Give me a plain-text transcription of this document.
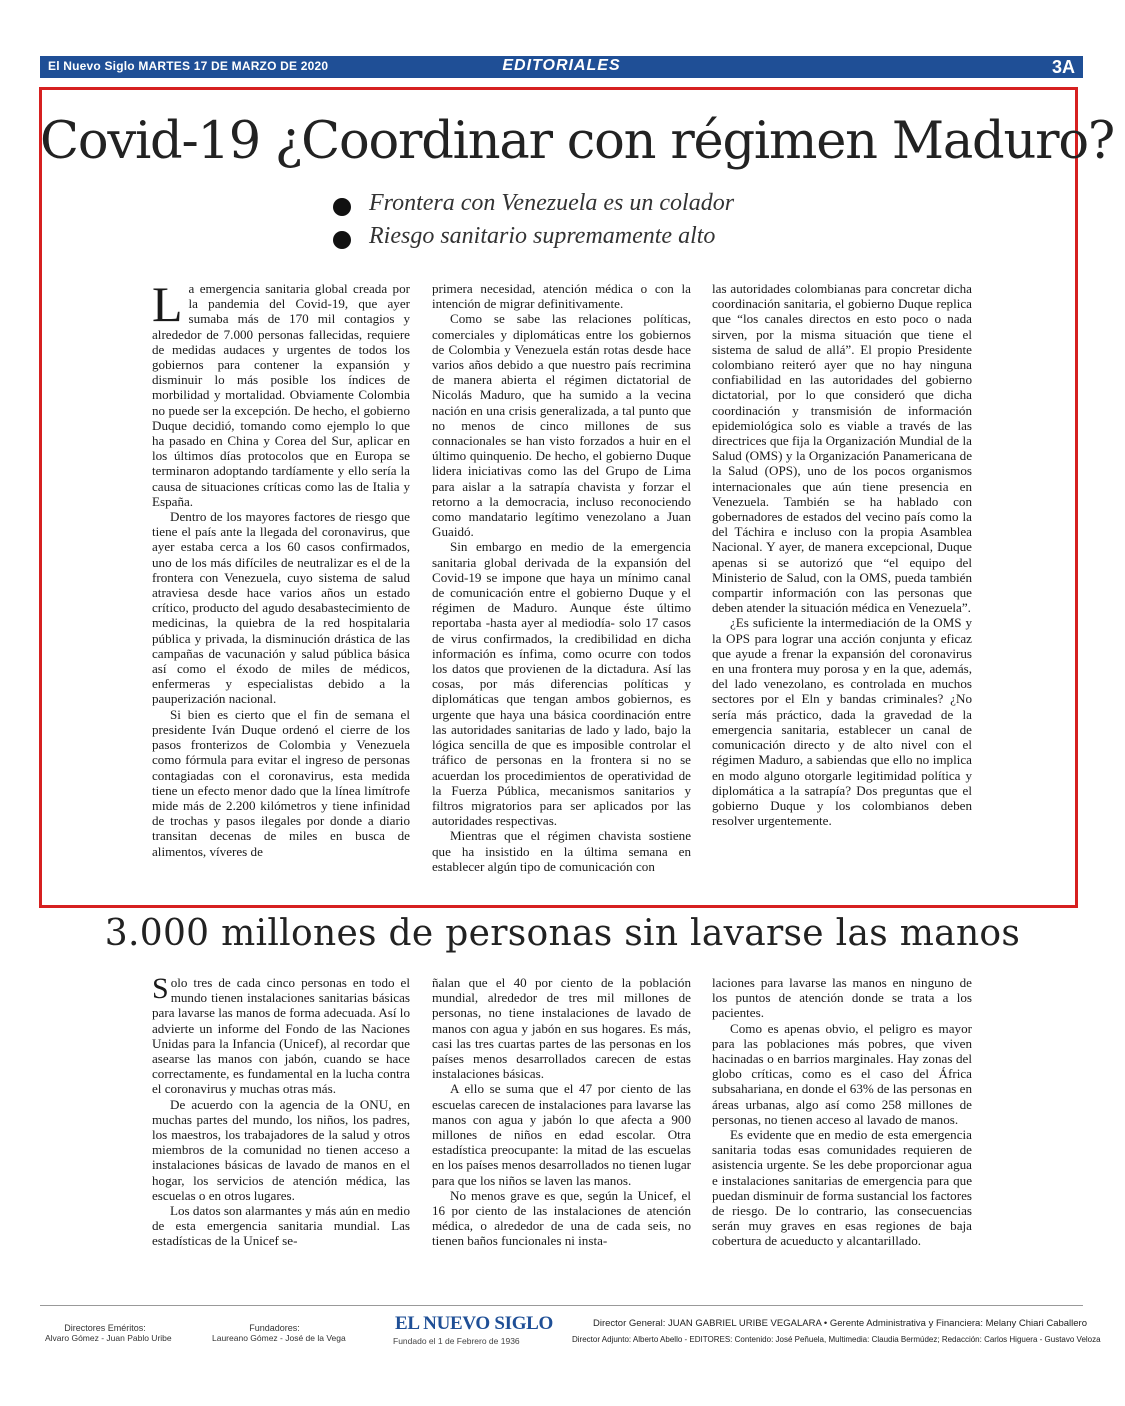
El Nuevo Siglo MARTES 17 DE MARZO DE 2020	EDITORIALES	3A
Covid-19 ¿Coordinar con régimen Maduro?
Frontera con Venezuela es un colador
Riesgo sanitario supremamente alto

La emergencia sanitaria global creada por la pandemia del Covid-19, que ayer sumaba más de 170 mil contagios y alrededor de 7.000 personas fallecidas, requiere de medidas audaces y urgentes de todos los gobiernos para contener la expansión y disminuir lo más posible los índices de morbilidad y mortalidad. Obviamente Colombia no puede ser la excepción. De hecho, el gobierno Duque decidió, tomando como ejemplo lo que ha pasado en China y Corea del Sur, aplicar en los últimos días protocolos que en Europa se terminaron adoptando tardíamente y ello sería la causa de situaciones críticas como las de Italia y España.

Dentro de los mayores factores de riesgo que tiene el país ante la llegada del coronavirus, que ayer estaba cerca a los 60 casos confirmados, uno de los más difíciles de neutralizar es el de la frontera con Venezuela, cuyo sistema de salud atraviesa desde hace varios años un estado crítico, producto del agudo desabastecimiento de medicinas, la quiebra de la red hospitalaria pública y privada, la disminución drástica de las campañas de vacunación y salud pública básica así como el éxodo de miles de médicos, enfermeras y especialistas debido a la pauperización nacional.

Si bien es cierto que el fin de semana el presidente Iván Duque ordenó el cierre de los pasos fronterizos de Colombia y Venezuela como fórmula para evitar el ingreso de personas contagiadas con el coronavirus, esta medida tiene un efecto menor dado que la línea limítrofe mide más de 2.200 kilómetros y tiene infinidad de trochas y pasos ilegales por donde a diario transitan decenas de miles en busca de alimentos, víveres de

primera necesidad, atención médica o con la intención de migrar definitivamente.

Como se sabe las relaciones políticas, comerciales y diplomáticas entre los gobiernos de Colombia y Venezuela están rotas desde hace varios años debido a que nuestro país recrimina de manera abierta el régimen dictatorial de Nicolás Maduro, que ha sumido a la vecina nación en una crisis generalizada, a tal punto que no menos de cinco millones de sus connacionales se han visto forzados a huir en el último quinquenio. De hecho, el gobierno Duque lidera iniciativas como las del Grupo de Lima para aislar a la satrapía chavista y forzar el retorno a la democracia, incluso reconociendo como mandatario legítimo venezolano a Juan Guaidó.

Sin embargo en medio de la emergencia sanitaria global derivada de la expansión del Covid-19 se impone que haya un mínimo canal de comunicación entre el gobierno Duque y el régimen de Maduro. Aunque éste último reportaba -hasta ayer al mediodía- solo 17 casos de virus confirmados, la credibilidad en dicha información es ínfima, como ocurre con todos los datos que provienen de la dictadura. Así las cosas, por más diferencias políticas y diplomáticas que tengan ambos gobiernos, es urgente que haya una básica coordinación entre las autoridades sanitarias de lado y lado, bajo la lógica sencilla de que es imposible controlar el tráfico de personas en la frontera si no se acuerdan los procedimientos de operatividad de la Fuerza Pública, mecanismos sanitarios y filtros migratorios para ser aplicados por las autoridades respectivas.

Mientras que el régimen chavista sostiene que ha insistido en la última semana en establecer algún tipo de comunicación con

las autoridades colombianas para concretar dicha coordinación sanitaria, el gobierno Duque replica que “los canales directos en esto poco o nada sirven, por la misma situación que tiene el sistema de salud de allá”. El propio Presidente colombiano reiteró ayer que no hay ninguna confiabilidad en las autoridades del gobierno dictatorial, por lo que consideró que dicha coordinación y transmisión de información epidemiológica solo es viable a través de las directrices que fija la Organización Mundial de la Salud (OMS) y la Organización Panamericana de la Salud (OPS), uno de los pocos organismos internacionales que aún tiene presencia en Venezuela. También se ha hablado con gobernadores de estados del vecino país como la del Táchira e incluso con la propia Asamblea Nacional. Y ayer, de manera excepcional, Duque apenas si se autorizó que “el equipo del Ministerio de Salud, con la OMS, pueda también compartir información con las personas que deben atender la situación médica en Venezuela”.

¿Es suficiente la intermediación de la OMS y la OPS para lograr una acción conjunta y eficaz que ayude a frenar la expansión del coronavirus en una frontera muy porosa y en la que, además, del lado venezolano, es controlada en muchos sectores por el Eln y bandas criminales? ¿No sería más práctico, dada la gravedad de la emergencia sanitaria, establecer un canal de comunicación directo y de alto nivel con el régimen Maduro, a sabiendas que ello no implica en modo alguno otorgarle legitimidad política y diplomática a la satrapía? Dos preguntas que el gobierno Duque y los colombianos deben resolver urgentemente.

3.000 millones de personas sin lavarse las manos

Solo tres de cada cinco personas en todo el mundo tienen instalaciones sanitarias básicas para lavarse las manos de forma adecuada. Así lo advierte un informe del Fondo de las Naciones Unidas para la Infancia (Unicef), al recordar que asearse las manos con jabón, cuando se hace correctamente, es fundamental en la lucha contra el coronavirus y muchas otras más.

De acuerdo con la agencia de la ONU, en muchas partes del mundo, los niños, los padres, los maestros, los trabajadores de la salud y otros miembros de la comunidad no tienen acceso a instalaciones básicas de lavado de manos en el hogar, los servicios de atención médica, las escuelas o en otros lugares.

Los datos son alarmantes y más aún en medio de esta emergencia sanitaria mundial. Las estadísticas de la Unicef se-

ñalan que el 40 por ciento de la población mundial, alrededor de tres mil millones de personas, no tiene instalaciones de lavado de manos con agua y jabón en sus hogares. Es más, casi las tres cuartas partes de las personas en los países menos desarrollados carecen de estas instalaciones básicas.

A ello se suma que el 47 por ciento de las escuelas carecen de instalaciones para lavarse las manos con agua y jabón lo que afecta a 900 millones de niños en edad escolar. Otra estadística preocupante: la mitad de las escuelas en los países menos desarrollados no tienen lugar para que los niños se laven las manos.

No menos grave es que, según la Unicef, el 16 por ciento de las instalaciones de atención médica, o alrededor de una de cada seis, no tienen baños funcionales ni insta-

laciones para lavarse las manos en ninguno de los puntos de atención donde se trata a los pacientes.

Como es apenas obvio, el peligro es mayor para las poblaciones más pobres, que viven hacinadas o en barrios marginales. Hay zonas del globo críticas, como es el caso del África subsahariana, en donde el 63% de las personas en áreas urbanas, algo así como 258 millones de personas, no tienen acceso al lavado de manos.

Es evidente que en medio de esta emergencia sanitaria todas esas comunidades requieren de asistencia urgente. Se les debe proporcionar agua e instalaciones sanitarias de emergencia para que puedan disminuir de forma sustancial los factores de riesgo. De lo contrario, las consecuencias serán muy graves en esas regiones de baja cobertura de acueducto y alcantarillado.

Directores Eméritos:
Alvaro Gómez - Juan Pablo Uribe
Fundadores:
Laureano Gómez - José de la Vega
EL NUEVO SIGLO
Fundado el 1 de Febrero de 1936
Director General: JUAN GABRIEL URIBE VEGALARA • Gerente Administrativa y Financiera: Melany Chiari Caballero
Director Adjunto: Alberto Abello - EDITORES: Contenido: José Peñuela, Multimedia: Claudia Bermúdez; Redacción: Carlos Higuera - Gustavo Veloza
